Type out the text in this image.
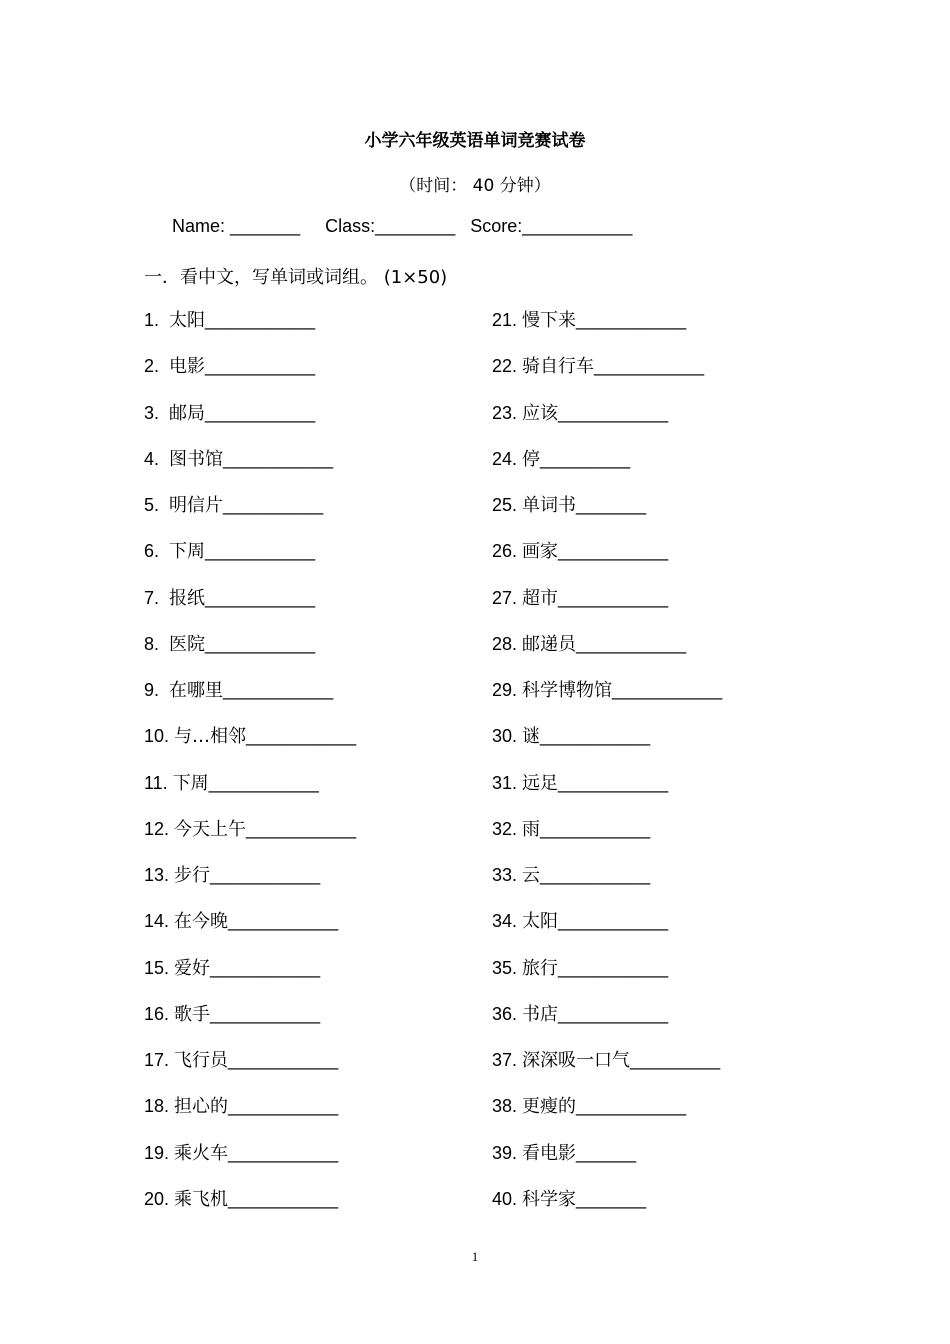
小学六年级英语单词竞赛试卷
（时间： 40 分钟）
Name: _______ Class:________ Score:___________
一．看中文，写单词或词组。 (1×50)
1.  太阳___________
2.  电影___________
3.  邮局___________
4.  图书馆___________
5.  明信片__________
6.  下周___________
7.  报纸___________
8.  医院___________
9.  在哪里___________
10. 与…相邻___________
11. 下周___________
12. 今天上午___________
13. 步行___________
14. 在今晚___________
15. 爱好___________
16. 歌手___________
17. 飞行员___________
18. 担心的___________
19. 乘火车___________
20. 乘飞机___________
21. 慢下来___________
22. 骑自行车___________
23. 应该___________
24. 停_________
25. 单词书_______
26. 画家___________
27. 超市___________
28. 邮递员___________
29. 科学博物馆___________
30. 谜___________
31. 远足___________
32. 雨___________
33. 云___________
34. 太阳___________
35. 旅行___________
36. 书店___________
37. 深深吸一口气_________
38. 更瘦的___________
39. 看电影______
40. 科学家_______
1
